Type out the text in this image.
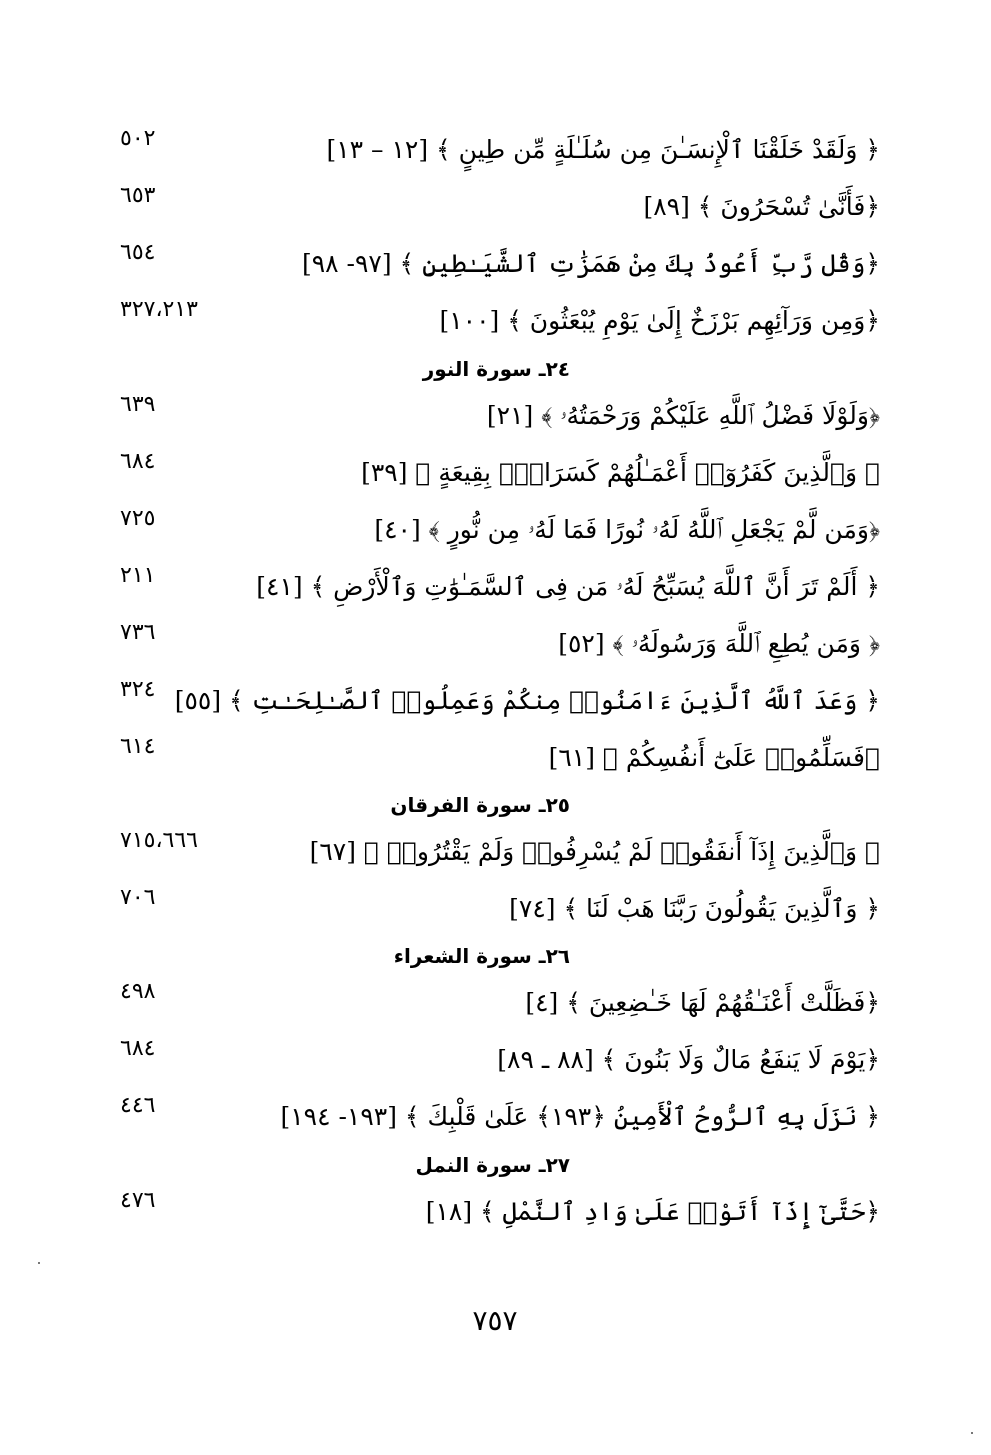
﴿ وَلَقَدْ خَلَقْنَا ٱلْإِنسَـٰنَ مِن سُلَـٰلَةٍ مِّن طِينٍ ﴾ [١٢ – ١٣]
٥٠٢
﴿فَأَنَّىٰ تُسْحَرُونَ ﴾ [٨٩]
٦٥٣
﴿وَقُل رَّبِّ أَعُوذُ بِكَ مِنْ هَمَزَٰتِ ٱلشَّيَـٰطِينِ ﴾ [٩٧- ٩٨]
٦٥٤
﴿وَمِن وَرَآئِهِم بَرْزَخٌ إِلَىٰ يَوْمِ يُبْعَثُونَ ﴾ [١٠٠]
٣٢٧،٢١٣
٢٤ـ سورة النور
﴿وَلَوْلَا فَضْلُ ٱللَّهِ عَلَيْكُمْ وَرَحْمَتُهُۥ ﴾ [٢١]
٦٣٩
﴿ وَٱلَّذِينَ كَفَرُوٓا۟ أَعْمَـٰلُهُمْ كَسَرَابٍۭ بِقِيعَةٍ ﴾ [٣٩]
٦٨٤
﴿وَمَن لَّمْ يَجْعَلِ ٱللَّهُ لَهُۥ نُورًا فَمَا لَهُۥ مِن نُّورٍ ﴾ [٤٠]
٧٢٥
﴿ أَلَمْ تَرَ أَنَّ ٱللَّهَ يُسَبِّحُ لَهُۥ مَن فِى ٱلسَّمَـٰوَٰتِ وَٱلْأَرْضِ ﴾ [٤١]
٢١١
﴿ وَمَن يُطِعِ ٱللَّهَ وَرَسُولَهُۥ ﴾ [٥٢]
٧٣٦
﴿ وَعَدَ ٱللَّهُ ٱلَّذِينَ ءَامَنُوا۟ مِنكُمْ وَعَمِلُوا۟ ٱلصَّـٰلِحَـٰتِ ﴾ [٥٥]
٣٢٤
﴿فَسَلِّمُوا۟ عَلَىٰٓ أَنفُسِكُمْ ﴾ [٦١]
٦١٤
٢٥ـ سورة الفرقان
﴿ وَٱلَّذِينَ إِذَآ أَنفَقُوا۟ لَمْ يُسْرِفُوا۟ وَلَمْ يَقْتُرُوا۟ ﴾ [٦٧]
٧١٥،٦٦٦
﴿ وَٱلَّذِينَ يَقُولُونَ رَبَّنَا هَبْ لَنَا ﴾ [٧٤]
٧٠٦
٢٦ـ سورة الشعراء
﴿فَظَلَّتْ أَعْنَـٰقُهُمْ لَهَا خَـٰضِعِينَ ﴾ [٤]
٤٩٨
﴿يَوْمَ لَا يَنفَعُ مَالٌ وَلَا بَنُونَ ﴾ [٨٨ ـ ٨٩]
٦٨٤
﴿ نَزَلَ بِهِ ٱلرُّوحُ ٱلْأَمِينُ ﴿١٩٣﴾ عَلَىٰ قَلْبِكَ ﴾ [١٩٣- ١٩٤]
٤٤٦
٢٧ـ سورة النمل
﴿حَتَّىٰٓ إِذَآ أَتَوْا۟ عَلَىٰ وَادِ ٱلنَّمْلِ ﴾ [١٨]
٤٧٦
٧٥٧
